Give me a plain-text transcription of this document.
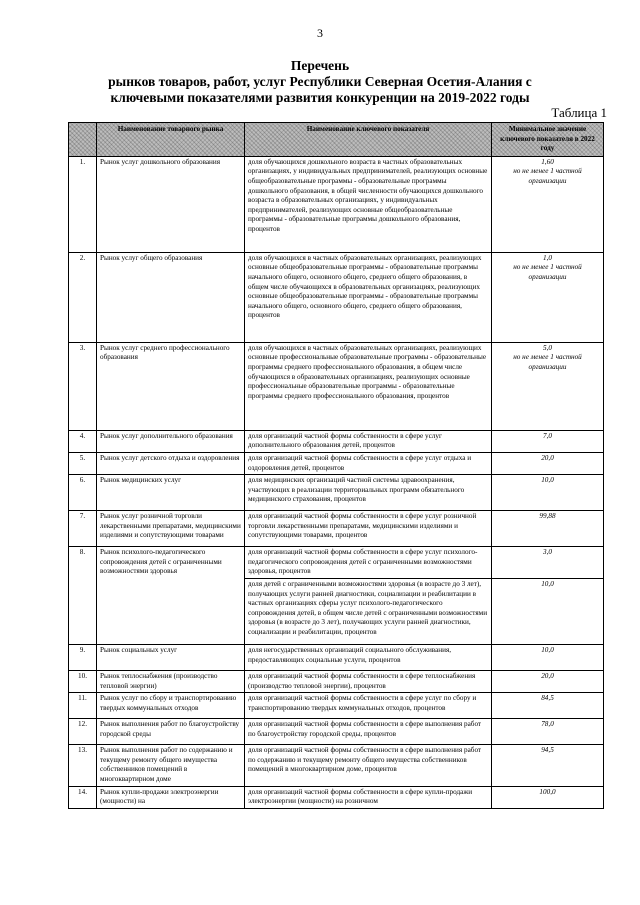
3
Перечень
рынков товаров, работ, услуг Республики Северная Осетия-Алания с
ключевыми показателями развития конкуренции на 2019-2022 годы
Таблица 1
	Наименование товарного рынка	Наименование ключевого показателя	Минимальное значение ключевого показателя в 2022 году
1.	Рынок услуг дошкольного образования	доля обучающихся дошкольного возраста в частных образовательных организациях, у индивидуальных предпринимателей, реализующих основные общеобразовательные программы - образовательные программы дошкольного образования, в общей численности обучающихся дошкольного возраста в образовательных организациях, у индивидуальных предпринимателей, реализующих основные общеобразовательные программы - образовательные программы дошкольного образования, процентов	1,60
но не менее 1 частной организации

2.	Рынок услуг общего образования	доля обучающихся в частных образовательных организациях, реализующих основные общеобразовательные программы - образовательные программы начального общего, основного общего, среднего общего образования, в общем числе обучающихся в образовательных организациях, реализующих основные общеобразовательные программы - образовательные программы начального общего, основного общего, среднего общего образования, процентов	1,0
но не менее 1 частной организации

3.	Рынок услуг среднего профессионального образования	доля обучающихся в частных образовательных организациях, реализующих основные профессиональные образовательные программы - образовательные программы среднего профессионального образования, в общем числе обучающихся в образовательных организациях, реализующих основные профессиональные образовательные программы - образовательные программы среднего профессионального образования, процентов	5,0
но не менее 1 частной организации

4.	Рынок услуг дополнительного образования	доля организаций частной формы собственности в сфере услуг дополнительного образования детей, процентов	7,0

5.	Рынок услуг детского отдыха и оздоровления	доля организаций частной формы собственности в сфере услуг отдыха и оздоровления детей, процентов	20,0

6.	Рынок медицинских услуг	доля медицинских организаций частной системы здравоохранения, участвующих в реализации территориальных программ обязательного медицинского страхования, процентов	10,0

7.	Рынок услуг розничной торговли лекарственными препаратами, медицинскими изделиями и сопутствующими товарами	доля организаций частной формы собственности в сфере услуг розничной торговли лекарственными препаратами, медицинскими изделиями и сопутствующими товарами, процентов	99,88

8.	Рынок психолого-педагогического сопровождения детей с ограниченными возможностями здоровья	доля организаций частной формы собственности в сфере услуг психолого-педагогического сопровождения детей с ограниченными возможностями здоровья, процентов	3,0

		доля детей с ограниченными возможностями здоровья (в возрасте до 3 лет), получающих услуги ранней диагностики, социализации и реабилитации в частных организациях сферы услуг психолого-педагогического сопровождения детей, в общем числе детей с ограниченными возможностями здоровья (в возрасте до 3 лет), получающих услуги ранней диагностики, социализации и реабилитации, процентов	10,0

9.	Рынок социальных услуг	доля негосударственных организаций социального обслуживания, предоставляющих социальные услуги, процентов	10,0

10.	Рынок теплоснабжения (производство тепловой энергии)	доля организаций частной формы собственности в сфере теплоснабжения (производство тепловой энергии), процентов	20,0

11.	Рынок услуг по сбору и транспортированию твердых коммунальных отходов	доля организаций частной формы собственности в сфере услуг по сбору и транспортированию твердых коммунальных отходов, процентов	84,5

12.	Рынок выполнения работ по благоустройству городской среды	доля организаций частной формы собственности в сфере выполнения работ по благоустройству городской среды, процентов	78,0

13.	Рынок выполнения работ по содержанию и текущему ремонту общего имущества собственников помещений в многоквартирном доме	доля организаций частной формы собственности в сфере выполнения работ по содержанию и текущему ремонту общего имущества собственников помещений в многоквартирном доме, процентов	94,5

14.	Рынок купли-продажи электроэнергии (мощности) на	доля организаций частной формы собственности в сфере купли-продажи электроэнергии (мощности) на розничном	100,0
